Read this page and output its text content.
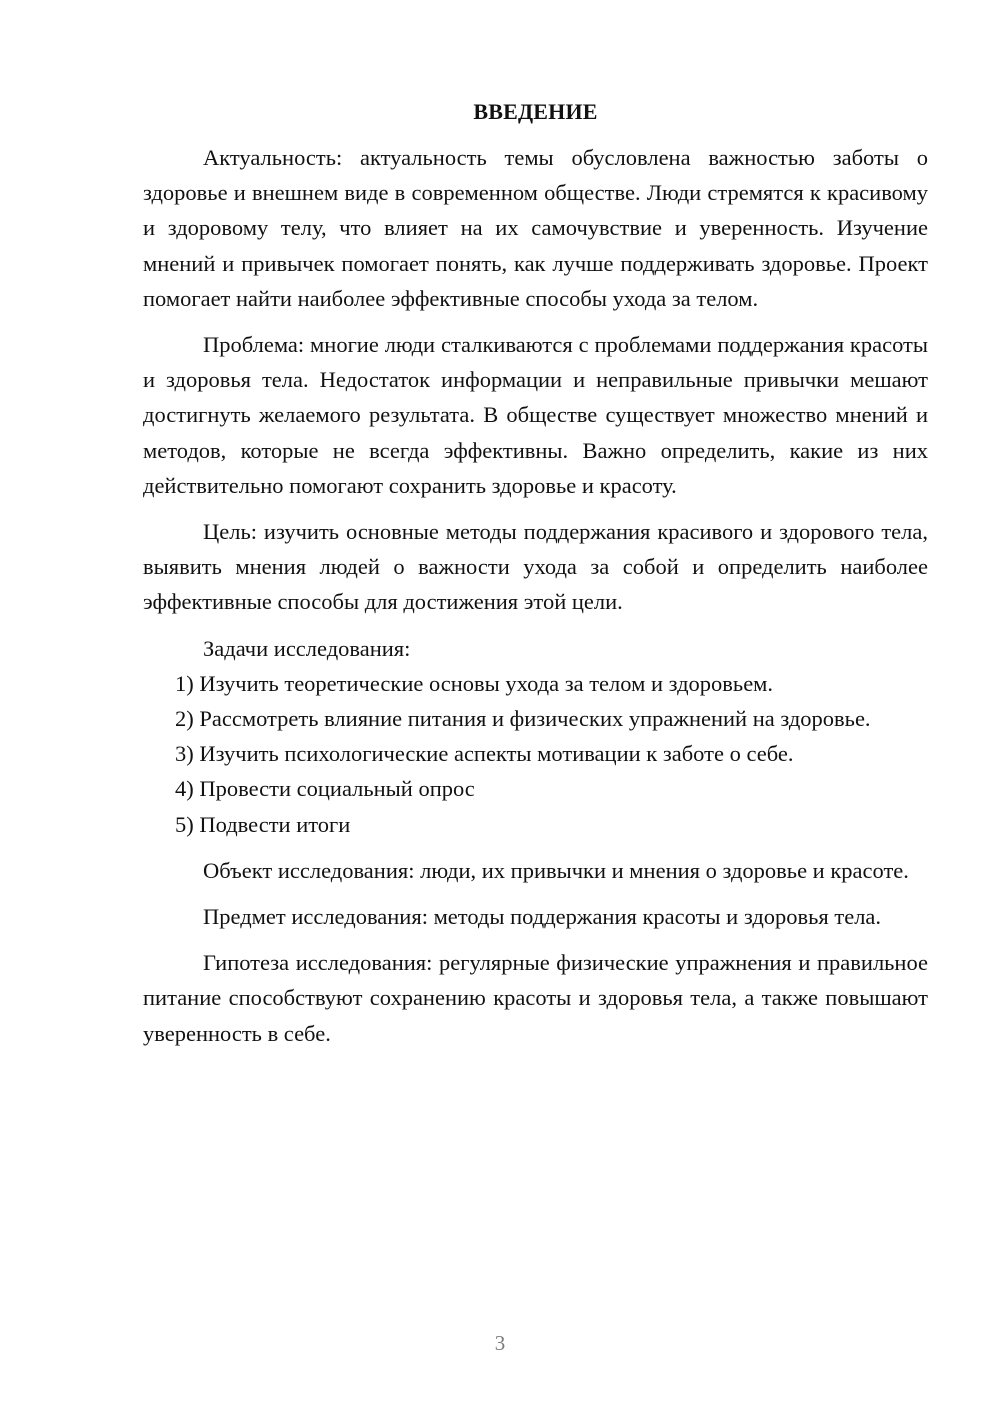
ВВЕДЕНИЕ

Актуальность: актуальность темы обусловлена важностью заботы о здоровье и внешнем виде в современном обществе. Люди стремятся к красивому и здоровому телу, что влияет на их самочувствие и уверенность. Изучение мнений и привычек помогает понять, как лучше поддерживать здоровье. Проект помогает найти наиболее эффективные способы ухода за телом.

Проблема: многие люди сталкиваются с проблемами поддержания красоты и здоровья тела. Недостаток информации и неправильные привычки мешают достигнуть желаемого результата. В обществе существует множество мнений и методов, которые не всегда эффективны. Важно определить, какие из них действительно помогают сохранить здоровье и красоту.

Цель: изучить основные методы поддержания красивого и здорового тела, выявить мнения людей о важности ухода за собой и определить наиболее эффективные способы для достижения этой цели.

Задачи исследования:

1) Изучить теоретические основы ухода за телом и здоровьем.

2) Рассмотреть влияние питания и физических упражнений на здоровье.

3) Изучить психологические аспекты мотивации к заботе о себе.

4) Провести социальный опрос

5) Подвести итоги

Объект исследования: люди, их привычки и мнения о здоровье и красоте.

Предмет исследования: методы поддержания красоты и здоровья тела.

Гипотеза исследования: регулярные физические упражнения и правильное питание способствуют сохранению красоты и здоровья тела, а также повышают уверенность в себе.

3
